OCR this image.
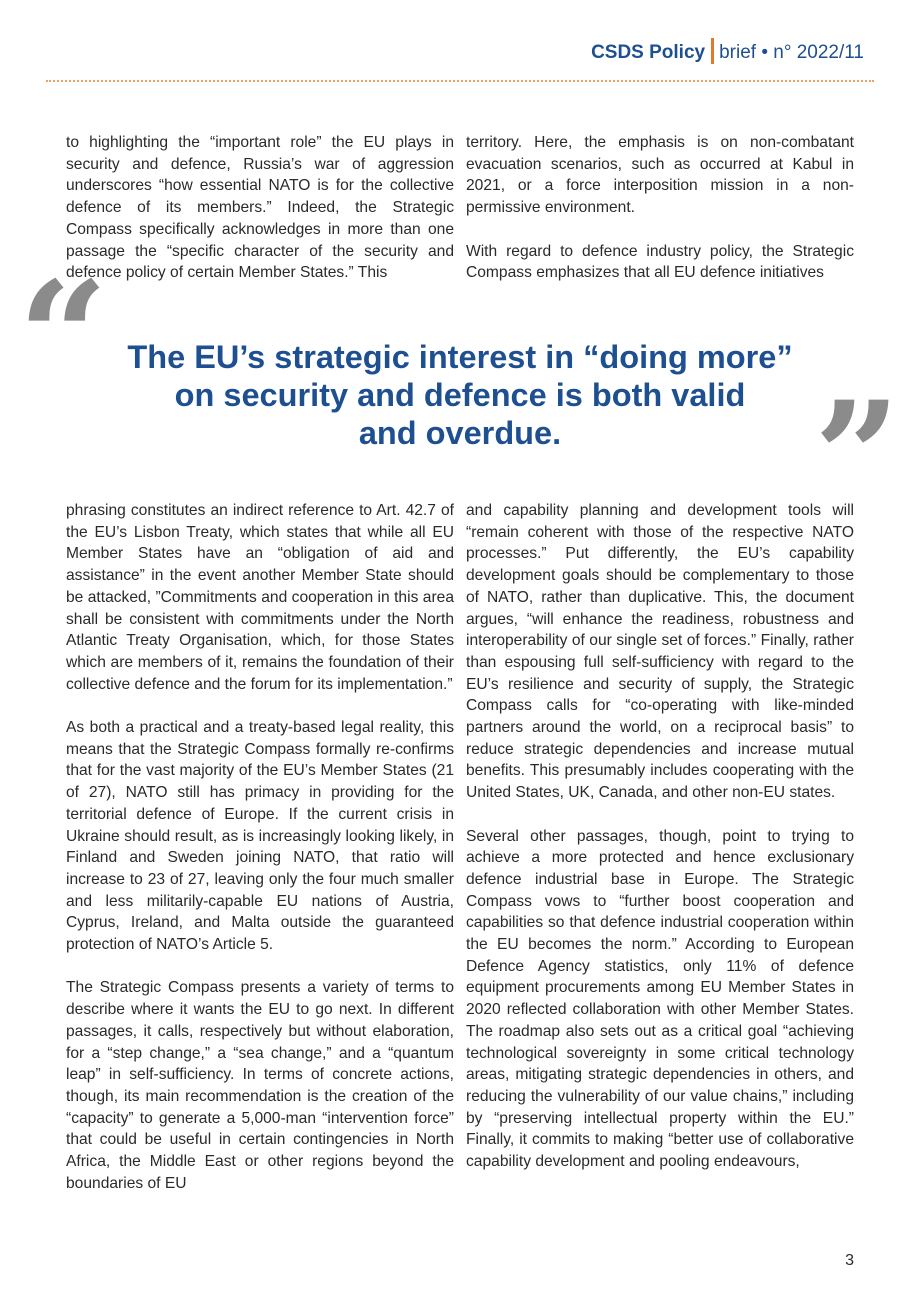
CSDS Policy brief • n° 2022/11

to highlighting the “important role” the EU plays in security and defence, Russia’s war of aggression underscores “how essential NATO is for the collective defence of its members.” Indeed, the Strategic Compass specifically acknowledges in more than one passage the “specific character of the security and defence policy of certain Member States.” This

territory. Here, the emphasis is on non-combatant evacuation scenarios, such as occurred at Kabul in 2021, or a force interposition mission in a non-permissive environment.

With regard to defence industry policy, the Strategic Compass emphasizes that all EU defence initiatives

“ The EU’s strategic interest in “doing more”
on security and defence is both valid
and overdue.	”

phrasing constitutes an indirect reference to Art. 42.7 of the EU’s Lisbon Treaty, which states that while all EU Member States have an “obligation of aid and assistance” in the event another Member State should be attacked, ”Commitments and cooperation in this area shall be consistent with commitments under the North Atlantic Treaty Organisation, which, for those States which are members of it, remains the foundation of their collective defence and the forum for its implementation.”

As both a practical and a treaty-based legal reality, this means that the Strategic Compass formally re-confirms that for the vast majority of the EU’s Member States (21 of 27), NATO still has primacy in providing for the territorial defence of Europe. If the current crisis in Ukraine should result, as is increasingly looking likely, in Finland and Sweden joining NATO, that ratio will increase to 23 of 27, leaving only the four much smaller and less militarily-capable EU nations of Austria, Cyprus, Ireland, and Malta outside the guaranteed protection of NATO’s Article 5.

The Strategic Compass presents a variety of terms to describe where it wants the EU to go next. In different passages, it calls, respectively but without elaboration, for a “step change,” a “sea change,” and a “quantum leap” in self-sufficiency. In terms of concrete actions, though, its main recommendation is the creation of the “capacity” to generate a 5,000-man “intervention force” that could be useful in certain contingencies in North Africa, the Middle East or other regions beyond the boundaries of EU

and capability planning and development tools will “remain coherent with those of the respective NATO processes.” Put differently, the EU’s capability development goals should be complementary to those of NATO, rather than duplicative. This, the document argues, “will enhance the readiness, robustness and interoperability of our single set of forces.” Finally, rather than espousing full self-sufficiency with regard to the EU’s resilience and security of supply, the Strategic Compass calls for “co-operating with like-minded partners around the world, on a reciprocal basis” to reduce strategic dependencies and increase mutual benefits. This presumably includes cooperating with the United States, UK, Canada, and other non-EU states.

Several other passages, though, point to trying to achieve a more protected and hence exclusionary defence industrial base in Europe. The Strategic Compass vows to “further boost cooperation and capabilities so that defence industrial cooperation within the EU becomes the norm.” According to European Defence Agency statistics, only 11% of defence equipment procurements among EU Member States in 2020 reflected collaboration with other Member States. The roadmap also sets out as a critical goal “achieving technological sovereignty in some critical technology areas, mitigating strategic dependencies in others, and reducing the vulnerability of our value chains,” including by “preserving intellectual property within the EU.” Finally, it commits to making “better use of collaborative capability development and pooling endeavours,

3
